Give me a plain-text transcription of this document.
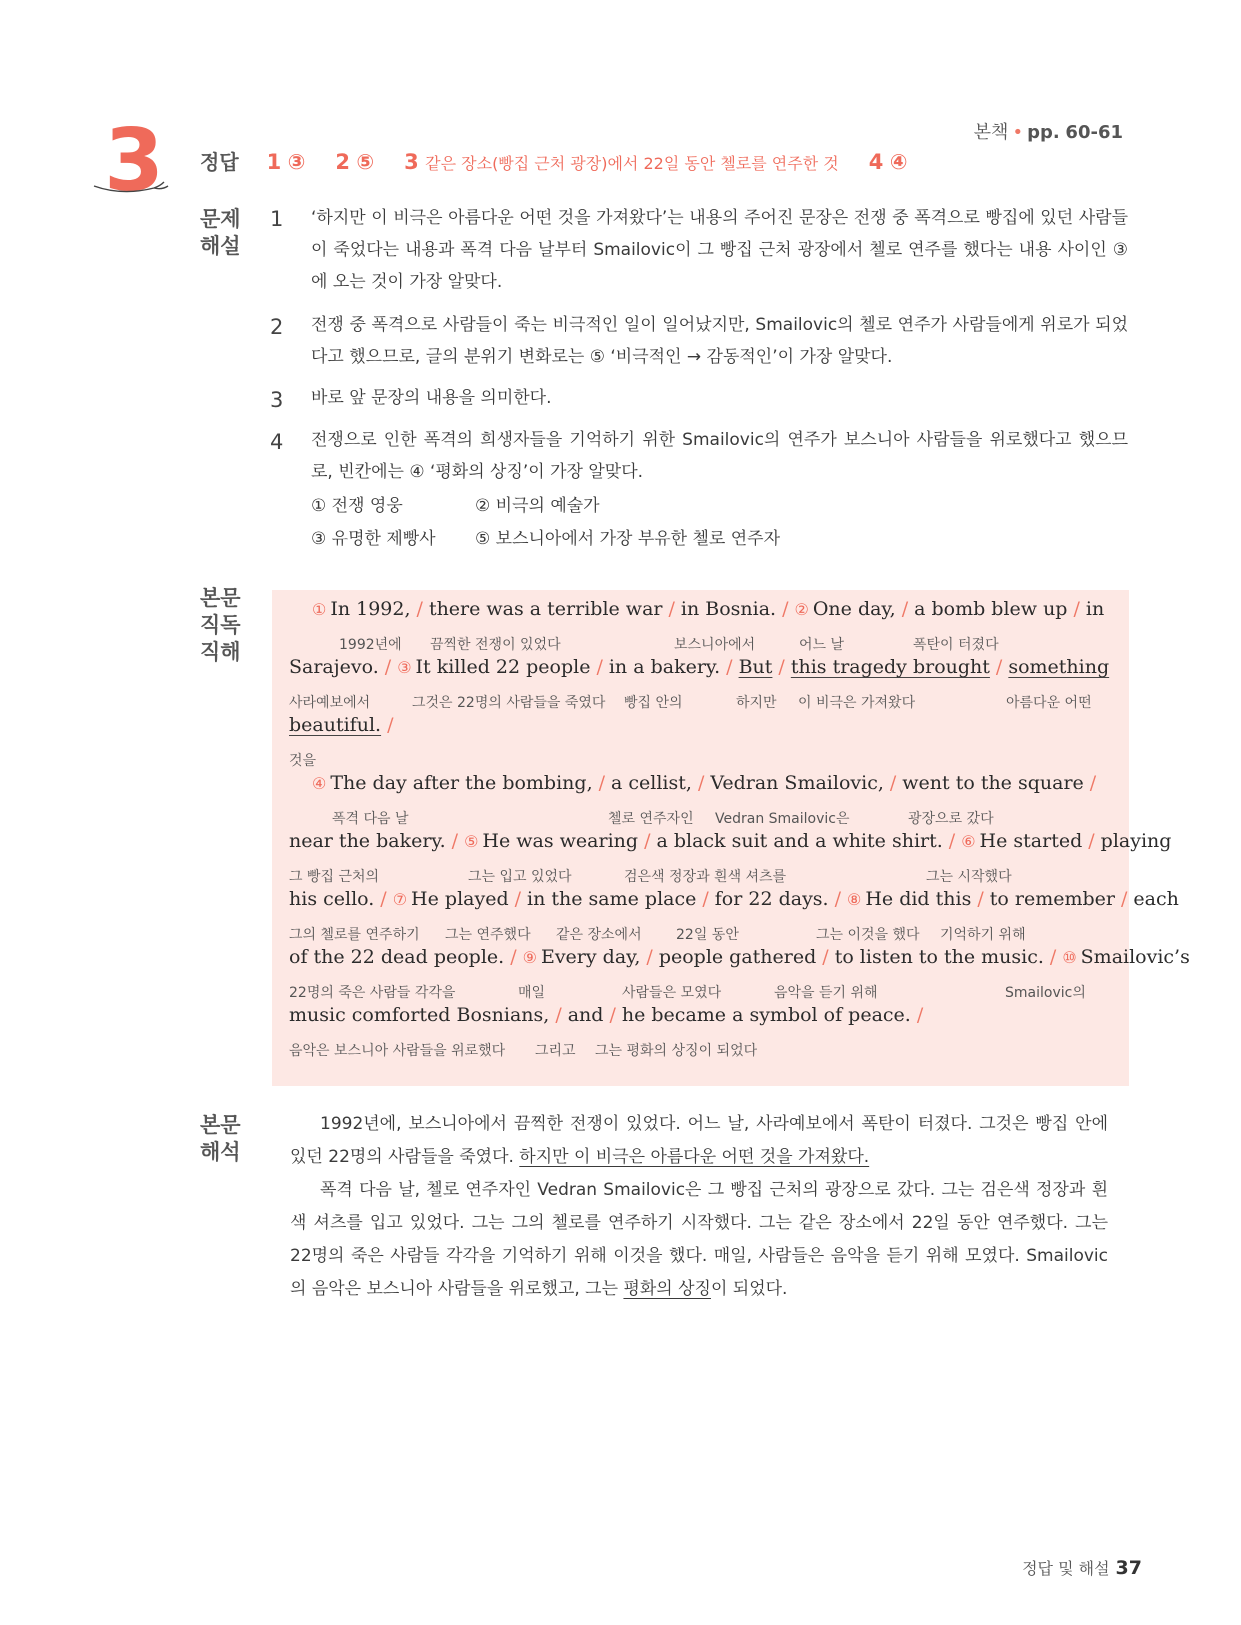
본책 • pp. 60-61
3 정답 1
③ 2
⑤ 3
같은 장소(빵집 근처 광장)에서 22일 동안 첼로를 연주한 것 4
④
문제
해설
1 ‘하지만 이 비극은 아름다운 어떤 것을 가져왔다’는 내용의 주어진 문장은 전쟁 중 폭격으로 빵집에 있던 사람들이 죽었다는 내용과 폭격 다음 날부터 Smailovic이 그 빵집 근처 광장에서 첼로 연주를 했다는 내용 사이인 ③에 오는 것이 가장 알맞다.
2 전쟁 중 폭격으로 사람들이 죽는 비극적인 일이 일어났지만, Smailovic의 첼로 연주가 사람들에게 위로가 되었다고 했으므로, 글의 분위기 변화로는 ⑤ ‘비극적인 → 감동적인’이 가장 알맞다.
3 바로 앞 문장의 내용을 의미한다.
4 전쟁으로 인한 폭격의 희생자들을 기억하기 위한 Smailovic의 연주가 보스니아 사람들을 위로했다고 했으므로, 빈칸에는 ④ ‘평화의 상징’이 가장 알맞다.
① 전쟁 영웅	② 비극의 예술가
③ 유명한 제빵사 ⑤ 보스니아에서 가장 부유한 첼로 연주자
본문
직독
직해
① In 1992, / there was a terrible war / in Bosnia. / ② One day, / a bomb blew up / in
1992년에 끔찍한 전쟁이 있었다	보스니아에서	어느 날	폭탄이 터졌다
Sarajevo. / ③ It killed 22 people / in a bakery. / But / this tragedy brought / something
사라예보에서	그것은 22명의 사람들을 죽였다 빵집 안의	하지만 이 비극은 가져왔다	아름다운 어떤
beautiful. /
것을
④ The day after the bombing, / a cellist, / Vedran Smailovic, / went to the square /
폭격 다음 날	첼로 연주자인 Vedran Smailovic은	광장으로 갔다
near the bakery. / ⑤ He was wearing / a black suit and a white shirt. / ⑥ He started / playing
그 빵집 근처의	그는 입고 있었다	검은색 정장과 흰색 셔츠를	그는 시작했다
his cello. / ⑦ He played / in the same place / for 22 days. / ⑧ He did this / to remember / each
그의 첼로를 연주하기 그는 연주했다 같은 장소에서 22일 동안	그는 이것을 했다 기억하기 위해
of the 22 dead people. / ⑨ Every day, / people gathered / to listen to the music. / ⑩ Smailovic’s
22명의 죽은 사람들 각각을	매일	사람들은 모였다	음악을 듣기 위해	Smailovic의
music comforted Bosnians, / and / he became a symbol of peace. /
음악은 보스니아 사람들을 위로했다 그리고 그는 평화의 상징이 되었다
본문
해석

1992년에, 보스니아에서 끔찍한 전쟁이 있었다. 어느 날, 사라예보에서 폭탄이 터졌다. 그것은 빵집 안에 있던 22명의 사람들을 죽였다. 하지만 이 비극은 아름다운 어떤 것을 가져왔다.

폭격 다음 날, 첼로 연주자인 Vedran Smailovic은 그 빵집 근처의 광장으로 갔다. 그는 검은색 정장과 흰색 셔츠를 입고 있었다. 그는 그의 첼로를 연주하기 시작했다. 그는 같은 장소에서 22일 동안 연주했다. 그는 22명의 죽은 사람들 각각을 기억하기 위해 이것을 했다. 매일, 사람들은 음악을 듣기 위해 모였다. Smailovic의 음악은 보스니아 사람들을 위로했고, 그는 평화의 상징이 되었다.

정답 및 해설 37
